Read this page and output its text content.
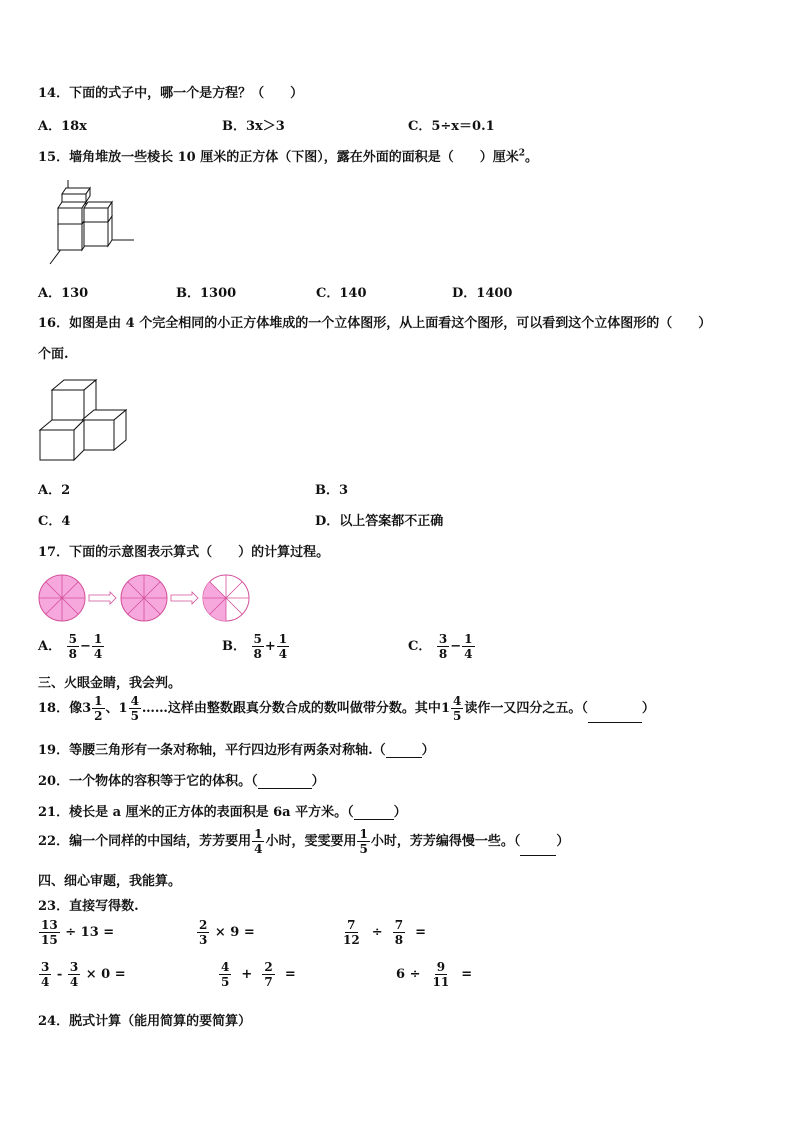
14．下面的式子中，哪一个是方程？（　　）
A．18x	B．3x＞3	C．5÷x＝0.1
15．墙角堆放一些棱长 10 厘米的正方体（下图），露在外面的面积是（　　）厘米$^2$。
A．130	B．1300	C．140	D．1400
16．如图是由 4 个完全相同的小正方体堆成的一个立体图形，从上面看这个图形，可以看到这个立体图形的（　　）
个面.
A．2	B．3
C．4	D．以上答案都不正确
17．下面的示意图表示算式（　　）的计算过程。
A． $\frac{5}{8} - \frac{1}{4}$	B． $\frac{5}{8} + \frac{1}{4}$	C． $\frac{3}{8} - \frac{1}{4}$
三、火眼金睛，我会判。
18．像 $3 \frac{1}{2}$ 、 $1 \frac{4}{5}$ ……这样由整数跟真分数合成的数叫做带分数。其中 $1 \frac{4}{5}$ 读作一又四分之五。（	）
19．等腰三角形有一条对称轴，平行四边形有两条对称轴.（	）
20．一个物体的容积等于它的体积。（	）
21．棱长是 a 厘米的正方体的表面积是 6a 平方米。（	）
22．编一个同样的中国结，芳芳要用 $\frac{1}{4}$ 小时，雯雯要用 $\frac{1}{5}$ 小时，芳芳编得慢一些。（	）
四、细心审题，我能算。
23．直接写得数.
$\frac{13}{15} \div 13$ =	$\frac{2}{3} \times 9$ =	$\frac{7}{12} \div \frac{7}{8}$ =
$\frac{3}{4} - \frac{3}{4} \times 0$ =	$\frac{4}{5} + \frac{2}{7}$ =	$6 \div \frac{9}{11}$ =
24．脱式计算（能用简算的要简算）
